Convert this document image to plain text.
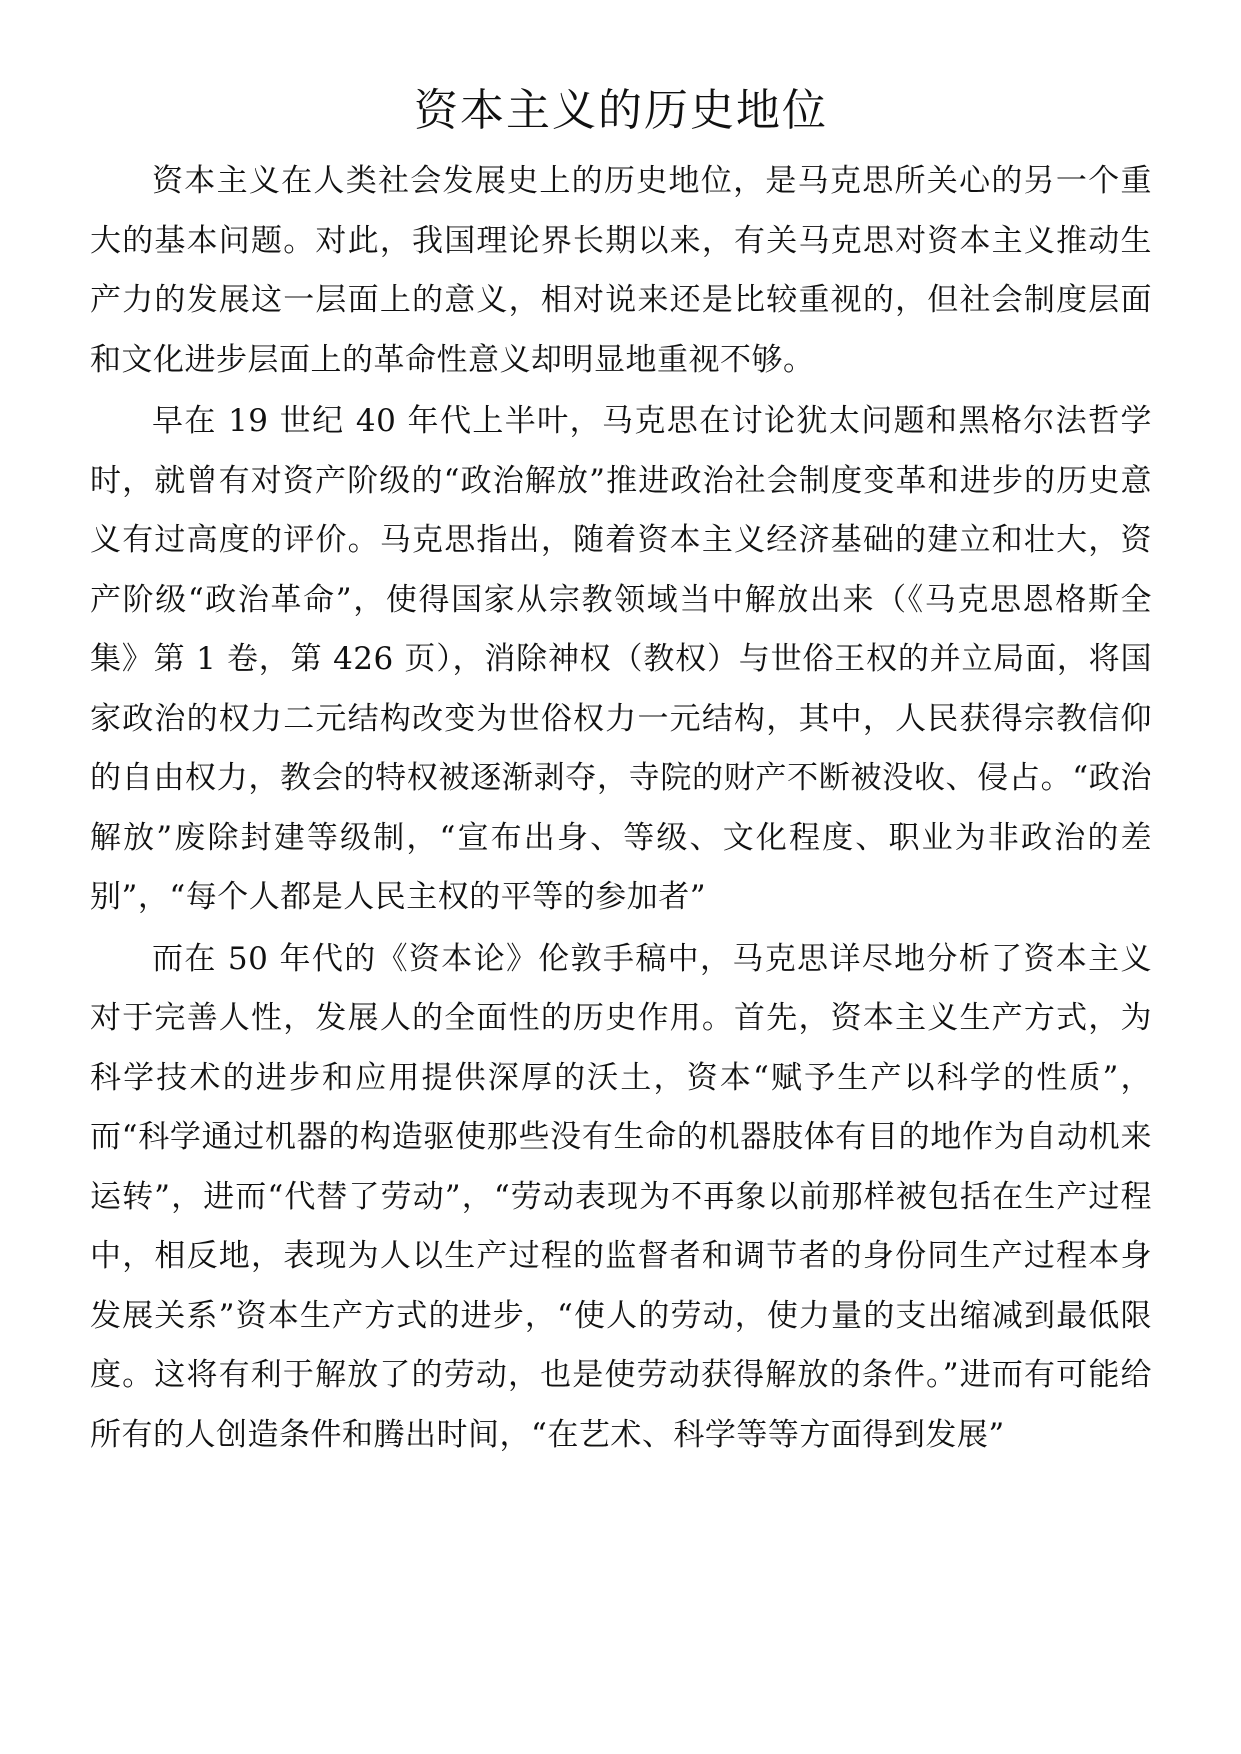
资本主义的历史地位

资本主义在人类社会发展史上的历史地位，是马克思所关心的另一个重大的基本问题。对此，我国理论界长期以来，有关马克思对资本主义推动生产力的发展这一层面上的意义，相对说来还是比较重视的，但社会制度层面和文化进步层面上的革命性意义却明显地重视不够。

早在 19 世纪 40 年代上半叶，马克思在讨论犹太问题和黑格尔法哲学时，就曾有对资产阶级的“政治解放”推进政治社会制度变革和进步的历史意义有过高度的评价。马克思指出，随着资本主义经济基础的建立和壮大，资产阶级“政治革命”，使得国家从宗教领域当中解放出来（《马克思恩格斯全集》第 1 卷，第 426 页），消除神权（教权）与世俗王权的并立局面，将国家政治的权力二元结构改变为世俗权力一元结构，其中，人民获得宗教信仰的自由权力，教会的特权被逐渐剥夺，寺院的财产不断被没收、侵占。“政治解放”废除封建等级制，“宣布出身、等级、文化程度、职业为非政治的差别”，“每个人都是人民主权的平等的参加者”

而在 50 年代的《资本论》伦敦手稿中，马克思详尽地分析了资本主义对于完善人性，发展人的全面性的历史作用。首先，资本主义生产方式，为科学技术的进步和应用提供深厚的沃土，资本“赋予生产以科学的性质”，而“科学通过机器的构造驱使那些没有生命的机器肢体有目的地作为自动机来运转”，进而“代替了劳动”，“劳动表现为不再象以前那样被包括在生产过程中，相反地，表现为人以生产过程的监督者和调节者的身份同生产过程本身发展关系”资本生产方式的进步，“使人的劳动，使力量的支出缩减到最低限度。这将有利于解放了的劳动，也是使劳动获得解放的条件。”进而有可能给所有的人创造条件和腾出时间，“在艺术、科学等等方面得到发展”
